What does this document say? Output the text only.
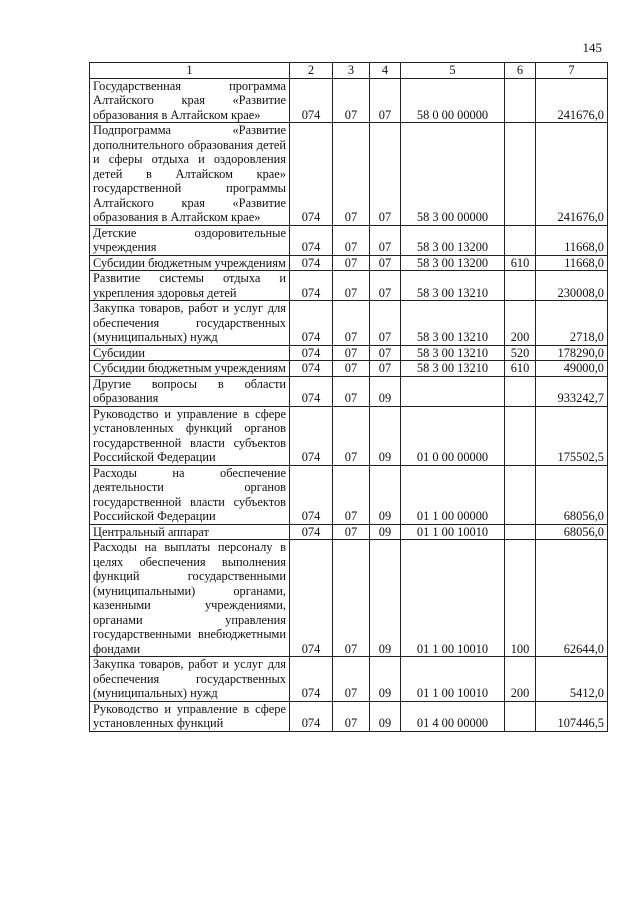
145
1	2	3	4	5	6	7
Государственная программа Алтайского края «Развитие образования в Алтайском крае»	074	07	07	58 0 00 00000		241676,0
Подпрограмма «Развитие дополнительного образования детей и сферы отдыха и оздоровления детей в Алтайском крае» государственной программы Алтайского края «Развитие образования в Алтайском крае»	074	07	07	58 3 00 00000		241676,0
Детские оздоровительные учреждения	074	07	07	58 3 00 13200		11668,0
Субсидии бюджетным учреждениям	074	07	07	58 3 00 13200	610	11668,0
Развитие системы отдыха и укрепления здоровья детей	074	07	07	58 3 00 13210		230008,0
Закупка товаров, работ и услуг для обеспечения государственных (муниципальных) нужд	074	07	07	58 3 00 13210	200	2718,0
Субсидии	074	07	07	58 3 00 13210	520	178290,0
Субсидии бюджетным учреждениям	074	07	07	58 3 00 13210	610	49000,0
Другие вопросы в области образования	074	07	09			933242,7
Руководство и управление в сфере установленных функций органов государственной власти субъектов Российской Федерации	074	07	09	01 0 00 00000		175502,5
Расходы на обеспечение деятельности органов государственной власти субъектов Российской Федерации	074	07	09	01 1 00 00000		68056,0
Центральный аппарат	074	07	09	01 1 00 10010		68056,0
Расходы на выплаты персоналу в целях обеспечения выполнения функций государственными (муниципальными) органами, казенными учреждениями, органами управления государственными внебюджетными фондами	074	07	09	01 1 00 10010	100	62644,0
Закупка товаров, работ и услуг для обеспечения государственных (муниципальных) нужд	074	07	09	01 1 00 10010	200	5412,0
Руководство и управление в сфере установленных функций	074	07	09	01 4 00 00000		107446,5
